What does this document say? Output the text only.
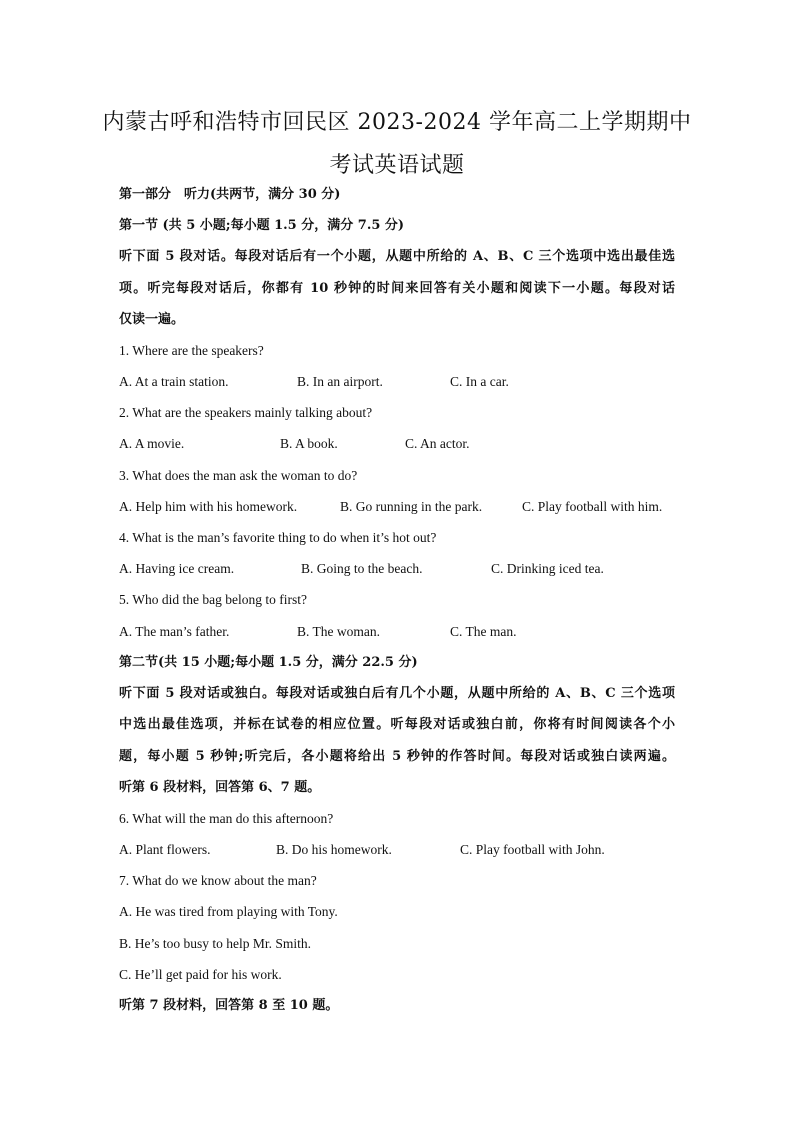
内蒙古呼和浩特市回民区 2023-2024 学年高二上学期期中
考试英语试题
第一部分　听力(共两节，满分 30 分)
第一节 (共 5 小题;每小题 1.5 分，满分 7.5 分)
听下面 5 段对话。每段对话后有一个小题，从题中所给的 A、B、C 三个选项中选出最佳选
项。听完每段对话后，你都有 10 秒钟的时间来回答有关小题和阅读下一小题。每段对话
仅读一遍。
1. Where are the speakers?
A. At a train station.	B. In an airport.	C. In a car.
2. What are the speakers mainly talking about?
A. A movie.	B. A book.	C. An actor.
3. What does the man ask the woman to do?
A. Help him with his homework.	B. Go running in the park.	C. Play football with him.
4. What is the man’s favorite thing to do when it’s hot out?
A. Having ice cream.	B. Going to the beach.	C. Drinking iced tea.
5. Who did the bag belong to first?
A. The man’s father.	B. The woman.	C. The man.
第二节(共 15 小题;每小题 1.5 分，满分 22.5 分)
听下面 5 段对话或独白。每段对话或独白后有几个小题，从题中所给的 A、B、C 三个选项
中选出最佳选项，并标在试卷的相应位置。听每段对话或独白前，你将有时间阅读各个小
题，每小题 5 秒钟;听完后，各小题将给出 5 秒钟的作答时间。每段对话或独白读两遍。
听第 6 段材料，回答第 6、7 题。
6. What will the man do this afternoon?
A. Plant flowers.	B. Do his homework.	C. Play football with John.
7. What do we know about the man?
A. He was tired from playing with Tony.
B. He’s too busy to help Mr. Smith.
C. He’ll get paid for his work.
听第 7 段材料，回答第 8 至 10 题。
